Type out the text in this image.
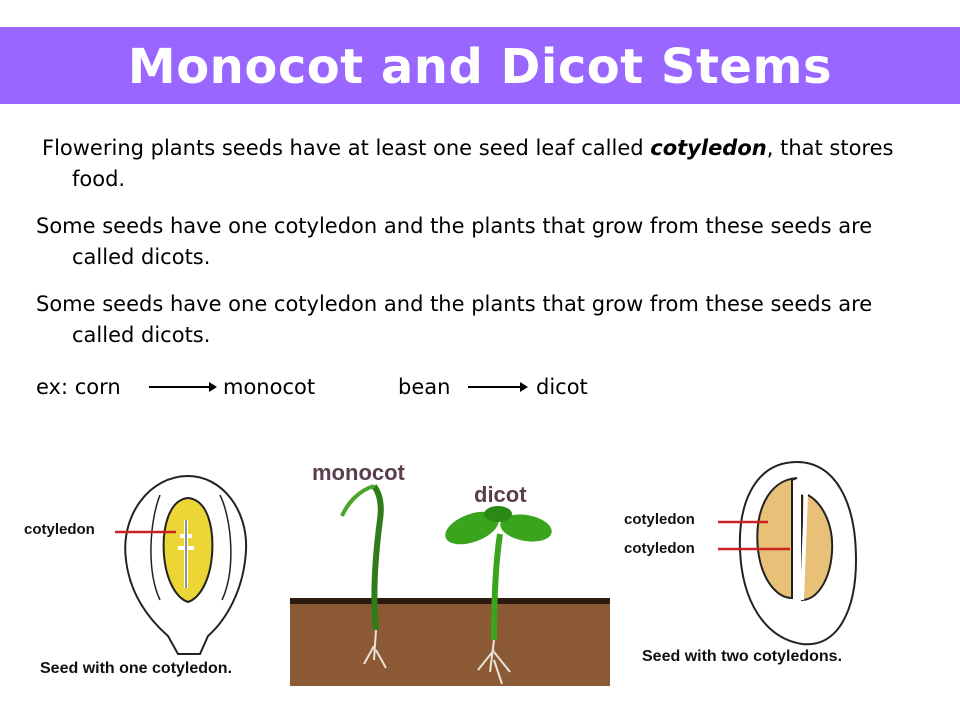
Monocot and Dicot Stems

Flowering plants seeds have at least one seed leaf called cotyledon, that stores food.

Some seeds have one cotyledon and the plants that grow from these seeds are called dicots.

Some seeds have one cotyledon and the plants that grow from these seeds are called dicots.

ex: corn	monocot	bean	dicot
cotyledon
Seed with one cotyledon.
monocot
dicot
cotyledon
cotyledon
Seed with two cotyledons.
